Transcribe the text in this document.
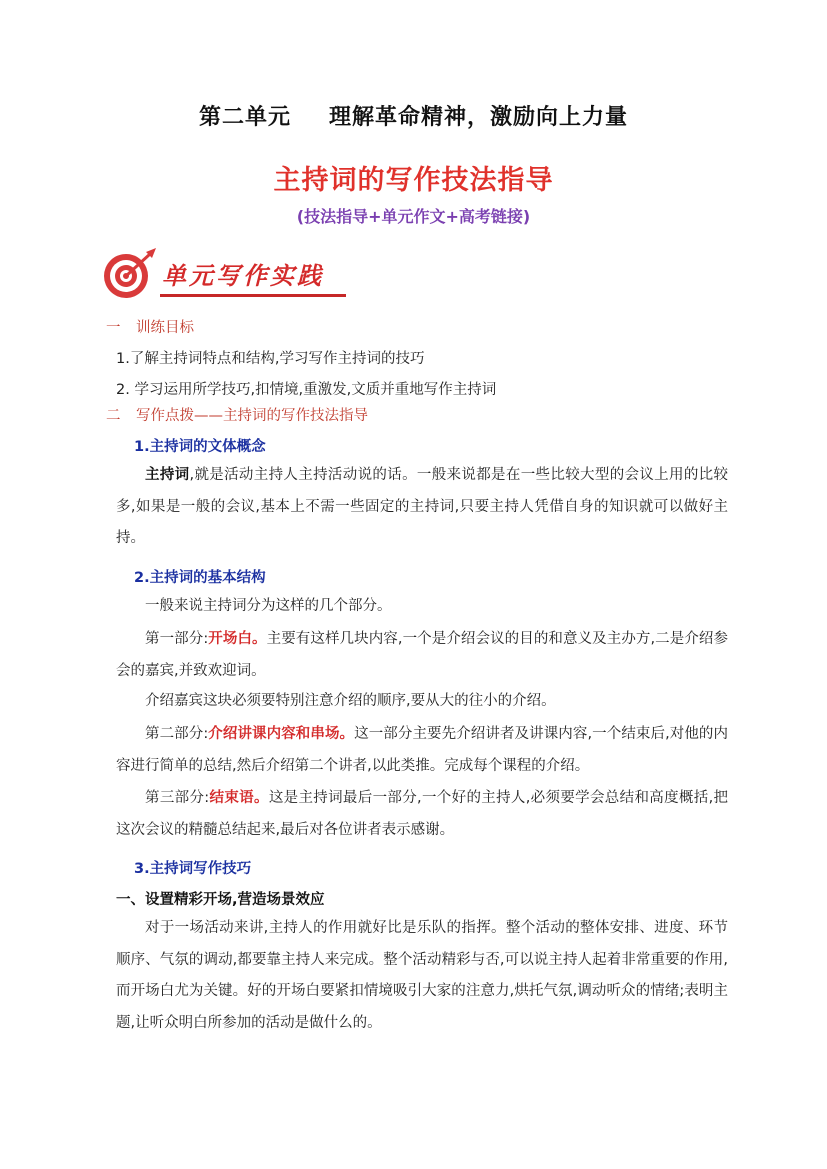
第二单元 理解革命精神，激励向上力量
主持词的写作技法指导
(技法指导+单元作文+高考链接)
单元写作实践
一 训练目标
1.了解主持词特点和结构,学习写作主持词的技巧
2. 学习运用所学技巧,扣情境,重激发,文质并重地写作主持词
二 写作点拨——主持词的写作技法指导
1.主持词的文体概念
主持词,就是活动主持人主持活动说的话。一般来说都是在一些比较大型的会议上用的比较多,如果是一般的会议,基本上不需一些固定的主持词,只要主持人凭借自身的知识就可以做好主持。
2.主持词的基本结构
一般来说主持词分为这样的几个部分。
第一部分:开场白。主要有这样几块内容,一个是介绍会议的目的和意义及主办方,二是介绍参会的嘉宾,并致欢迎词。
介绍嘉宾这块必须要特别注意介绍的顺序,要从大的往小的介绍。
第二部分:介绍讲课内容和串场。这一部分主要先介绍讲者及讲课内容,一个结束后,对他的内容进行简单的总结,然后介绍第二个讲者,以此类推。完成每个课程的介绍。
第三部分:结束语。这是主持词最后一部分,一个好的主持人,必须要学会总结和高度概括,把这次会议的精髓总结起来,最后对各位讲者表示感谢。
3.主持词写作技巧
一、设置精彩开场,营造场景效应
对于一场活动来讲,主持人的作用就好比是乐队的指挥。整个活动的整体安排、进度、环节顺序、气氛的调动,都要靠主持人来完成。整个活动精彩与否,可以说主持人起着非常重要的作用,而开场白尤为关键。好的开场白要紧扣情境吸引大家的注意力,烘托气氛,调动听众的情绪;表明主题,让听众明白所参加的活动是做什么的。
